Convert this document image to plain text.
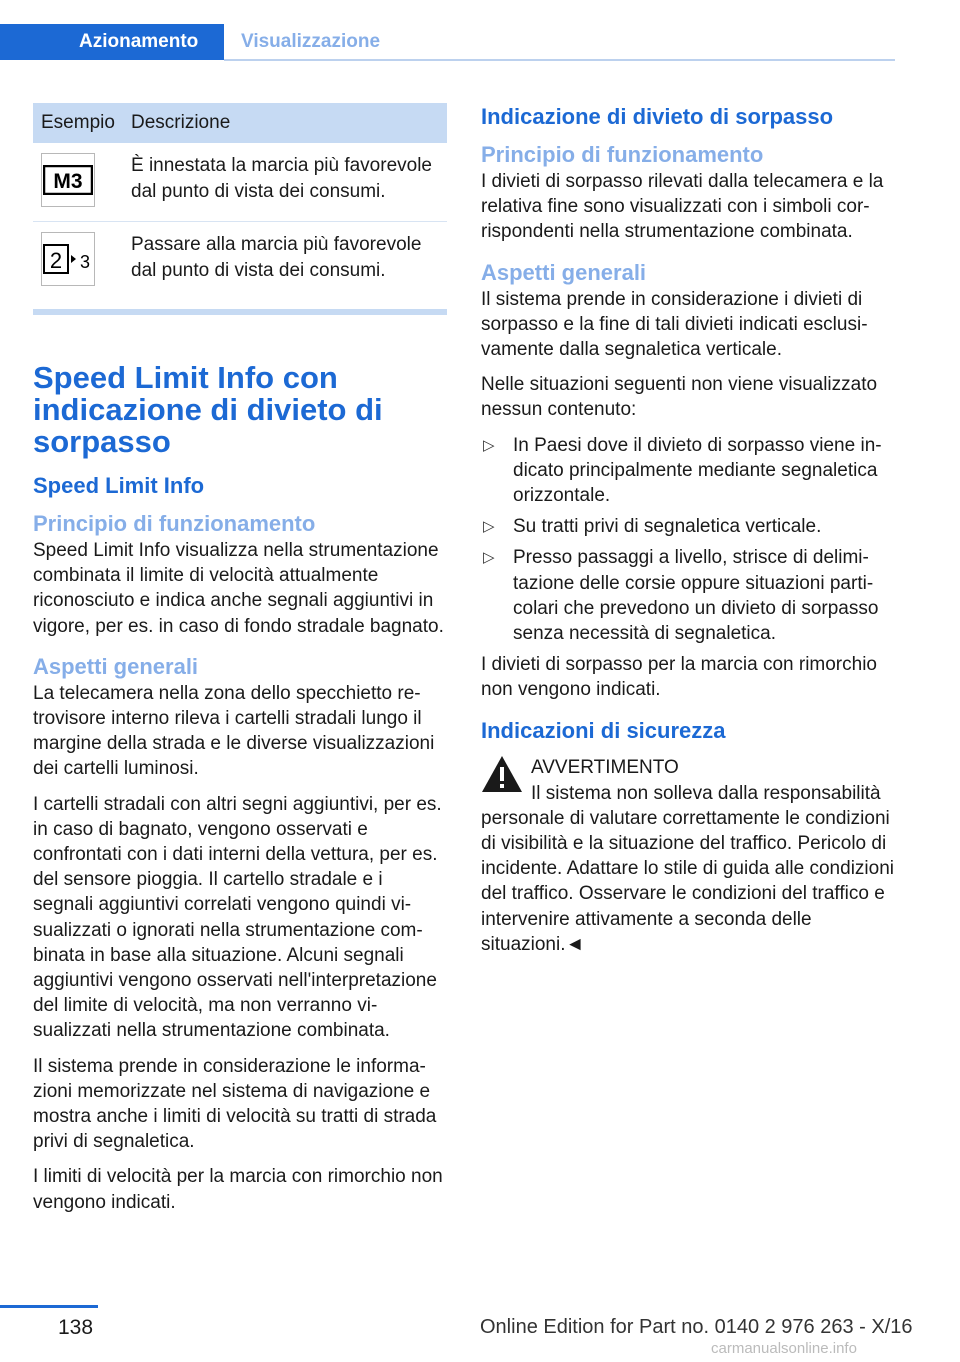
Azionamento	Visualizzazione
Esempio	Descrizione

M3	È innestata la marcia più favorevole dal punto di vista dei consumi.

2 3	Passare alla marcia più favorevole dal punto di vista dei consumi.
Speed Limit Info con indicazione di divieto di sorpasso
Speed Limit Info
Principio di funzionamento

Speed Limit Info visualizza nella strumentazione combinata il limite di velocità attualmente riconosciuto e indica anche segnali aggiuntivi in vigore, per es. in caso di fondo stradale bagnato.

Aspetti generali

La telecamera nella zona dello specchietto retrovisore interno rileva i cartelli stradali lungo il margine della strada e le diverse visualizzazioni dei cartelli luminosi.

I cartelli stradali con altri segni aggiuntivi, per es. in caso di bagnato, vengono osservati e confrontati con i dati interni della vettura, per es. del sensore pioggia. Il cartello stradale e i segnali aggiuntivi correlati vengono quindi visualizzati o ignorati nella strumentazione combinata in base alla situazione. Alcuni segnali aggiuntivi vengono osservati nell'interpretazione del limite di velocità, ma non verranno visualizzati nella strumentazione combinata.

Il sistema prende in considerazione le informazioni memorizzate nel sistema di navigazione e mostra anche i limiti di velocità su tratti di strada privi di segnaletica.

I limiti di velocità per la marcia con rimorchio non vengono indicati.

Indicazione di divieto di sorpasso
Principio di funzionamento

I divieti di sorpasso rilevati dalla telecamera e la relativa fine sono visualizzati con i simboli corrispondenti nella strumentazione combinata.

Aspetti generali

Il sistema prende in considerazione i divieti di sorpasso e la fine di tali divieti indicati esclusivamente dalla segnaletica verticale.

Nelle situazioni seguenti non viene visualizzato nessun contenuto:

▷ In Paesi dove il divieto di sorpasso viene indicato principalmente mediante segnaletica orizzontale.
▷ Su tratti privi di segnaletica verticale.
▷ Presso passaggi a livello, strisce di delimitazione delle corsie oppure situazioni particolari che prevedono un divieto di sorpasso senza necessità di segnaletica.

I divieti di sorpasso per la marcia con rimorchio non vengono indicati.

Indicazioni di sicurezza
AVVERTIMENTO
Il sistema non solleva dalla responsabilità

personale di valutare correttamente le condizioni di visibilità e la situazione del traffico. Pericolo di incidente. Adattare lo stile di guida alle condizioni del traffico. Osservare le condizioni del traffico e intervenire attivamente a seconda delle situazioni.◄

138	Online Edition for Part no. 0140 2 976 263 - X/16
carmanualsonline.info
